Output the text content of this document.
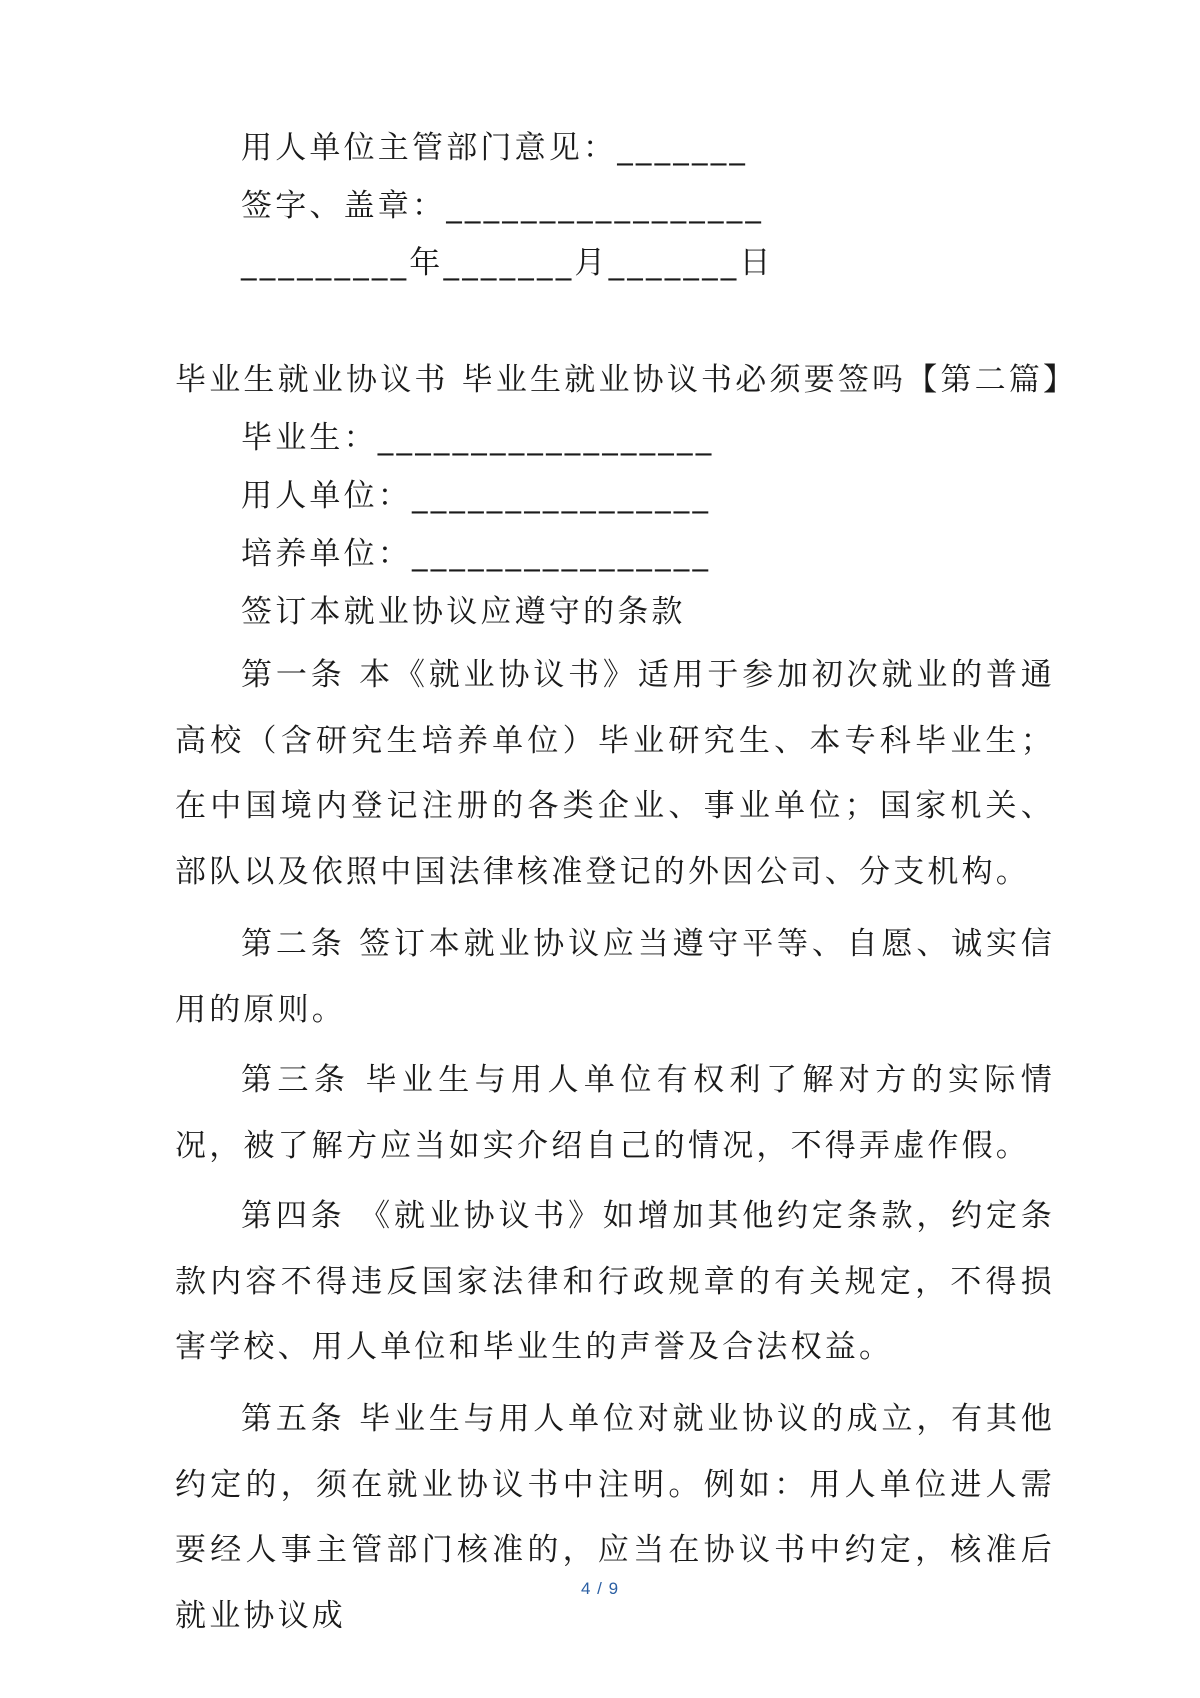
用人单位主管部门意见：_______
签字、盖章：_________________
_________年_______月_______日
毕业生就业协议书 毕业生就业协议书必须要签吗【第二篇】
毕业生：__________________
用人单位：________________
培养单位：________________
签订本就业协议应遵守的条款

第一条 本《就业协议书》适用于参加初次就业的普通高校（含研究生培养单位）毕业研究生、本专科毕业生；在中国境内登记注册的各类企业、事业单位；国家机关、部队以及依照中国法律核准登记的外因公司、分支机构。

第二条 签订本就业协议应当遵守平等、自愿、诚实信用的原则。

第三条 毕业生与用人单位有权利了解对方的实际情况，被了解方应当如实介绍自己的情况，不得弄虚作假。

第四条 《就业协议书》如增加其他约定条款，约定条款内容不得违反国家法律和行政规章的有关规定，不得损害学校、用人单位和毕业生的声誉及合法权益。

第五条 毕业生与用人单位对就业协议的成立，有其他约定的，须在就业协议书中注明。例如：用人单位进人需要经人事主管部门核准的，应当在协议书中约定，核准后就业协议成

4 / 9
